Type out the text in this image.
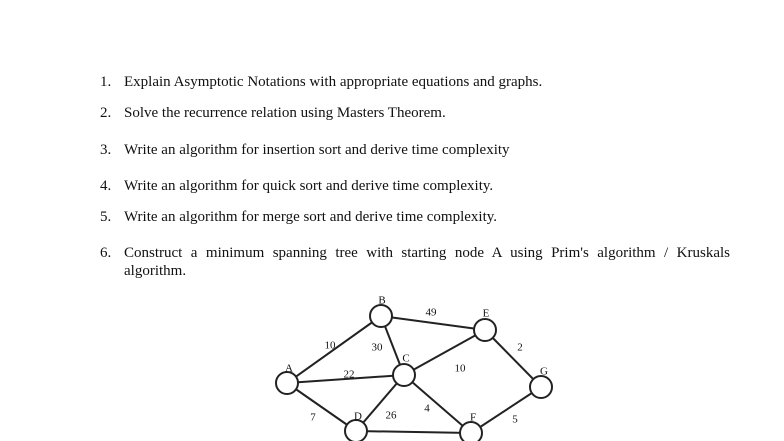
1. Explain Asymptotic Notations with appropriate equations and graphs.
2. Solve the recurrence relation using Masters Theorem.
3. Write an algorithm for insertion sort and derive time complexity
4. Write an algorithm for quick sort and derive time complexity.
5. Write an algorithm for merge sort and derive time complexity.
6. Construct a minimum spanning tree with starting node A using Prim's algorithm / Kruskals algorithm.
10
49
30
22	10
2
7	26
4
5
A
B
C
D
E
F
G
